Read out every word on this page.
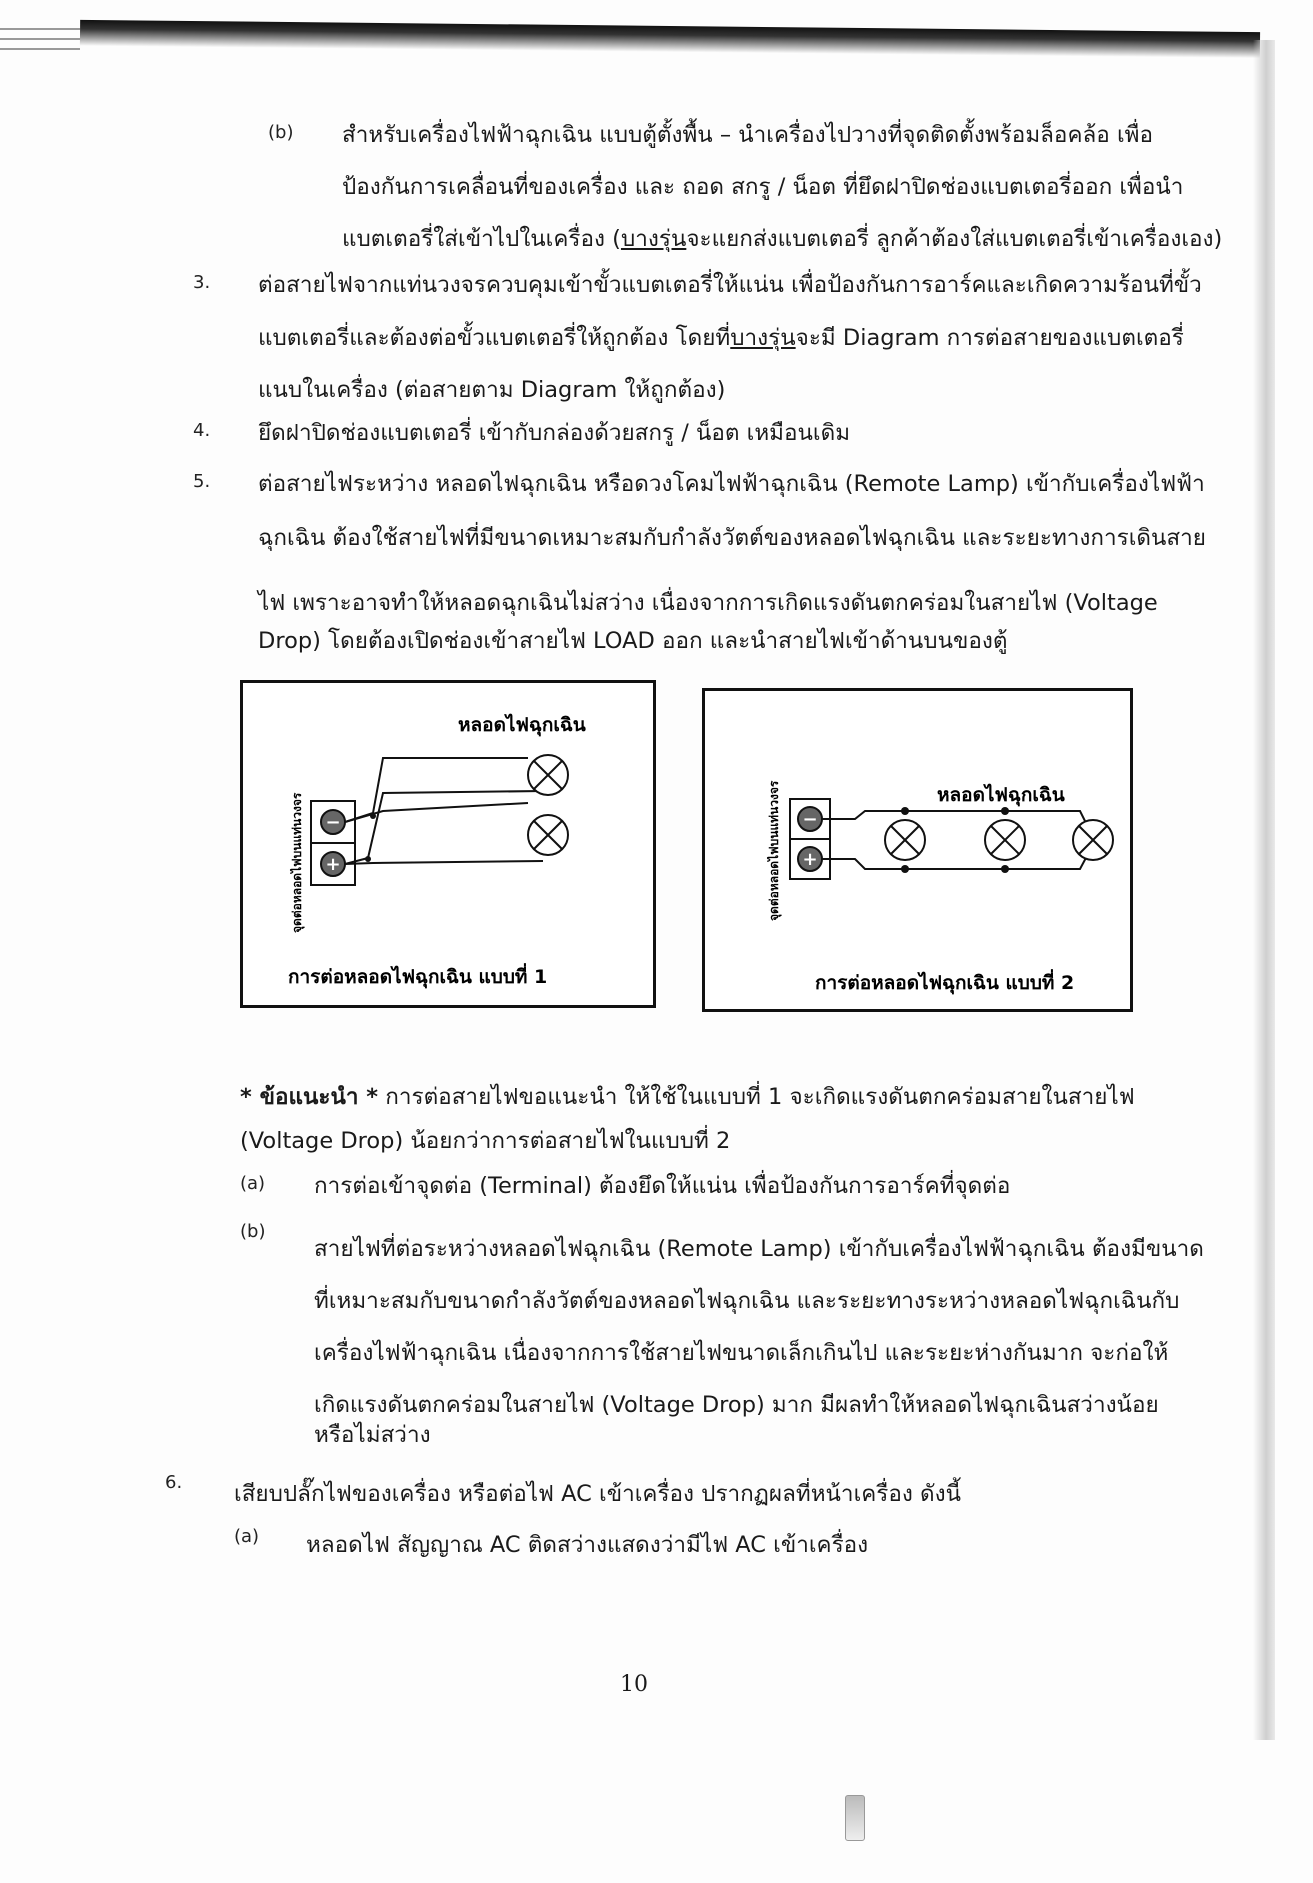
(b) สำหรับเครื่องไฟฟ้าฉุกเฉิน แบบตู้ตั้งพื้น – นำเครื่องไปวางที่จุดติดตั้งพร้อมล็อคล้อ เพื่อ
ป้องกันการเคลื่อนที่ของเครื่อง และ ถอด สกรู / น็อต ที่ยึดฝาปิดช่องแบตเตอรี่ออก เพื่อนำ
แบตเตอรี่ใส่เข้าไปในเครื่อง (บางรุ่นจะแยกส่งแบตเตอรี่ ลูกค้าต้องใส่แบตเตอรี่เข้าเครื่องเอง)
3. ต่อสายไฟจากแท่นวงจรควบคุมเข้าขั้วแบตเตอรี่ให้แน่น เพื่อป้องกันการอาร์คและเกิดความร้อนที่ขั้ว
แบตเตอรี่และต้องต่อขั้วแบตเตอรี่ให้ถูกต้อง โดยที่บางรุ่นจะมี Diagram การต่อสายของแบตเตอรี่
แนบในเครื่อง (ต่อสายตาม Diagram ให้ถูกต้อง)
4. ยึดฝาปิดช่องแบตเตอรี่ เข้ากับกล่องด้วยสกรู / น็อต เหมือนเดิม
5. ต่อสายไฟระหว่าง หลอดไฟฉุกเฉิน หรือดวงโคมไฟฟ้าฉุกเฉิน (Remote Lamp) เข้ากับเครื่องไฟฟ้า
ฉุกเฉิน ต้องใช้สายไฟที่มีขนาดเหมาะสมกับกำลังวัตต์ของหลอดไฟฉุกเฉิน และระยะทางการเดินสาย
ไฟ เพราะอาจทำให้หลอดฉุกเฉินไม่สว่าง เนื่องจากการเกิดแรงดันตกคร่อมในสายไฟ (Voltage
Drop) โดยต้องเปิดช่องเข้าสายไฟ LOAD ออก และนำสายไฟเข้าด้านบนของตู้
หลอดไฟฉุกเฉิน
−
+
จุดต่อหลอดไฟบนแท่นวงจร
การต่อหลอดไฟฉุกเฉิน แบบที่ 1
หลอดไฟฉุกเฉิน
−
+
จุดต่อหลอดไฟบนแท่นวงจร
การต่อหลอดไฟฉุกเฉิน แบบที่ 2
* ข้อแนะนำ * การต่อสายไฟขอแนะนำ ให้ใช้ในแบบที่ 1 จะเกิดแรงดันตกคร่อมสายในสายไฟ
(Voltage Drop) น้อยกว่าการต่อสายไฟในแบบที่ 2
(a) การต่อเข้าจุดต่อ (Terminal) ต้องยึดให้แน่น เพื่อป้องกันการอาร์คที่จุดต่อ
(b)
สายไฟที่ต่อระหว่างหลอดไฟฉุกเฉิน (Remote Lamp) เข้ากับเครื่องไฟฟ้าฉุกเฉิน ต้องมีขนาด
ที่เหมาะสมกับขนาดกำลังวัตต์ของหลอดไฟฉุกเฉิน และระยะทางระหว่างหลอดไฟฉุกเฉินกับ
เครื่องไฟฟ้าฉุกเฉิน เนื่องจากการใช้สายไฟขนาดเล็กเกินไป และระยะห่างกันมาก จะก่อให้
เกิดแรงดันตกคร่อมในสายไฟ (Voltage Drop) มาก มีผลทำให้หลอดไฟฉุกเฉินสว่างน้อย
หรือไม่สว่าง
6. เสียบปลั๊กไฟของเครื่อง หรือต่อไฟ AC เข้าเครื่อง ปรากฏผลที่หน้าเครื่อง ดังนี้
(a) หลอดไฟ สัญญาณ AC ติดสว่างแสดงว่ามีไฟ AC เข้าเครื่อง
10
